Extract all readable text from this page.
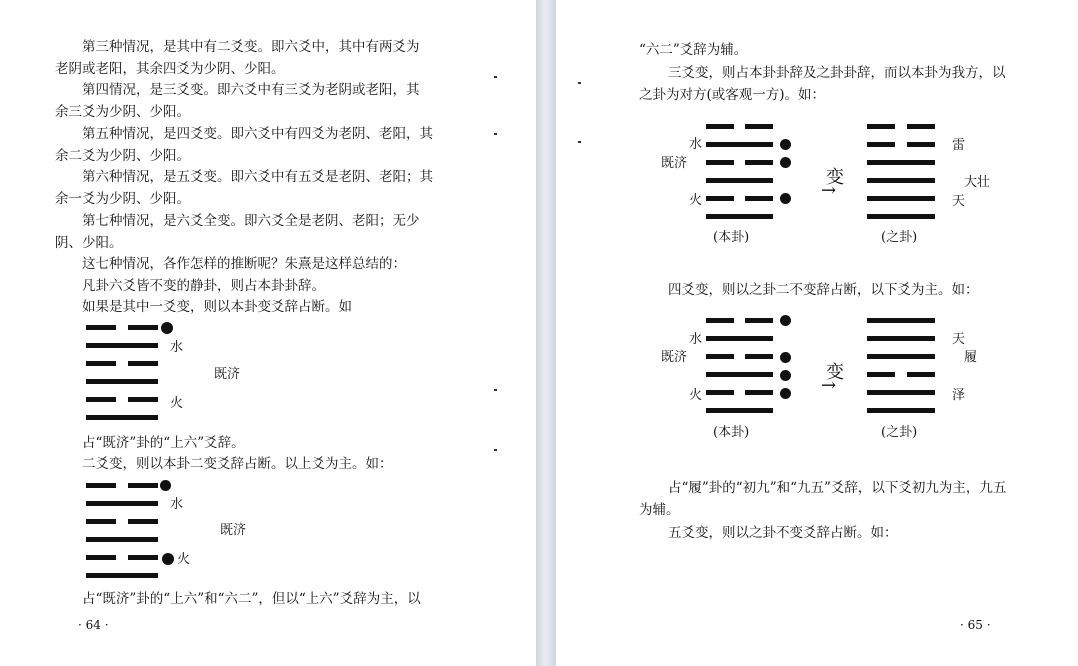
第三种情况，是其中有二爻变。即六爻中，其中有两爻为
老阴或老阳，其余四爻为少阴、少阳。
第四情况，是三爻变。即六爻中有三爻为老阴或老阳，其
余三爻为少阴、少阳。
第五种情况，是四爻变。即六爻中有四爻为老阴、老阳，其
余二爻为少阴、少阳。
第六种情况，是五爻变。即六爻中有五爻是老阴、老阳；其
余一爻为少阴、少阳。
第七种情况，是六爻全变。即六爻全是老阴、老阳；无少
阴、少阳。
这七种情况，各作怎样的推断呢？朱熹是这样总结的：
凡卦六爻皆不变的静卦，则占本卦卦辞。
如果是其中一爻变，则以本卦变爻辞占断。如
水
既济
火
占“既济”卦的“上六”爻辞。
二爻变，则以本卦二变爻辞占断。以上爻为主。如：
水
既济
火
占“既济”卦的“上六”和“六二”，但以“上六”爻辞为主，以
· 64 ·
“六二”爻辞为辅。
三爻变，则占本卦卦辞及之卦卦辞，而以本卦为我方，以
之卦为对方(或客观一方)。如：
水
既济
火
变
→
雷
大壮
天
(本卦)	(之卦)
四爻变，则以之卦二不变辞占断，以下爻为主。如：
水
既济
火
变
→
天
履
泽
(本卦)	(之卦)
占“履”卦的“初九”和“九五”爻辞，以下爻初九为主，九五
为辅。
五爻变，则以之卦不变爻辞占断。如：
· 65 ·
